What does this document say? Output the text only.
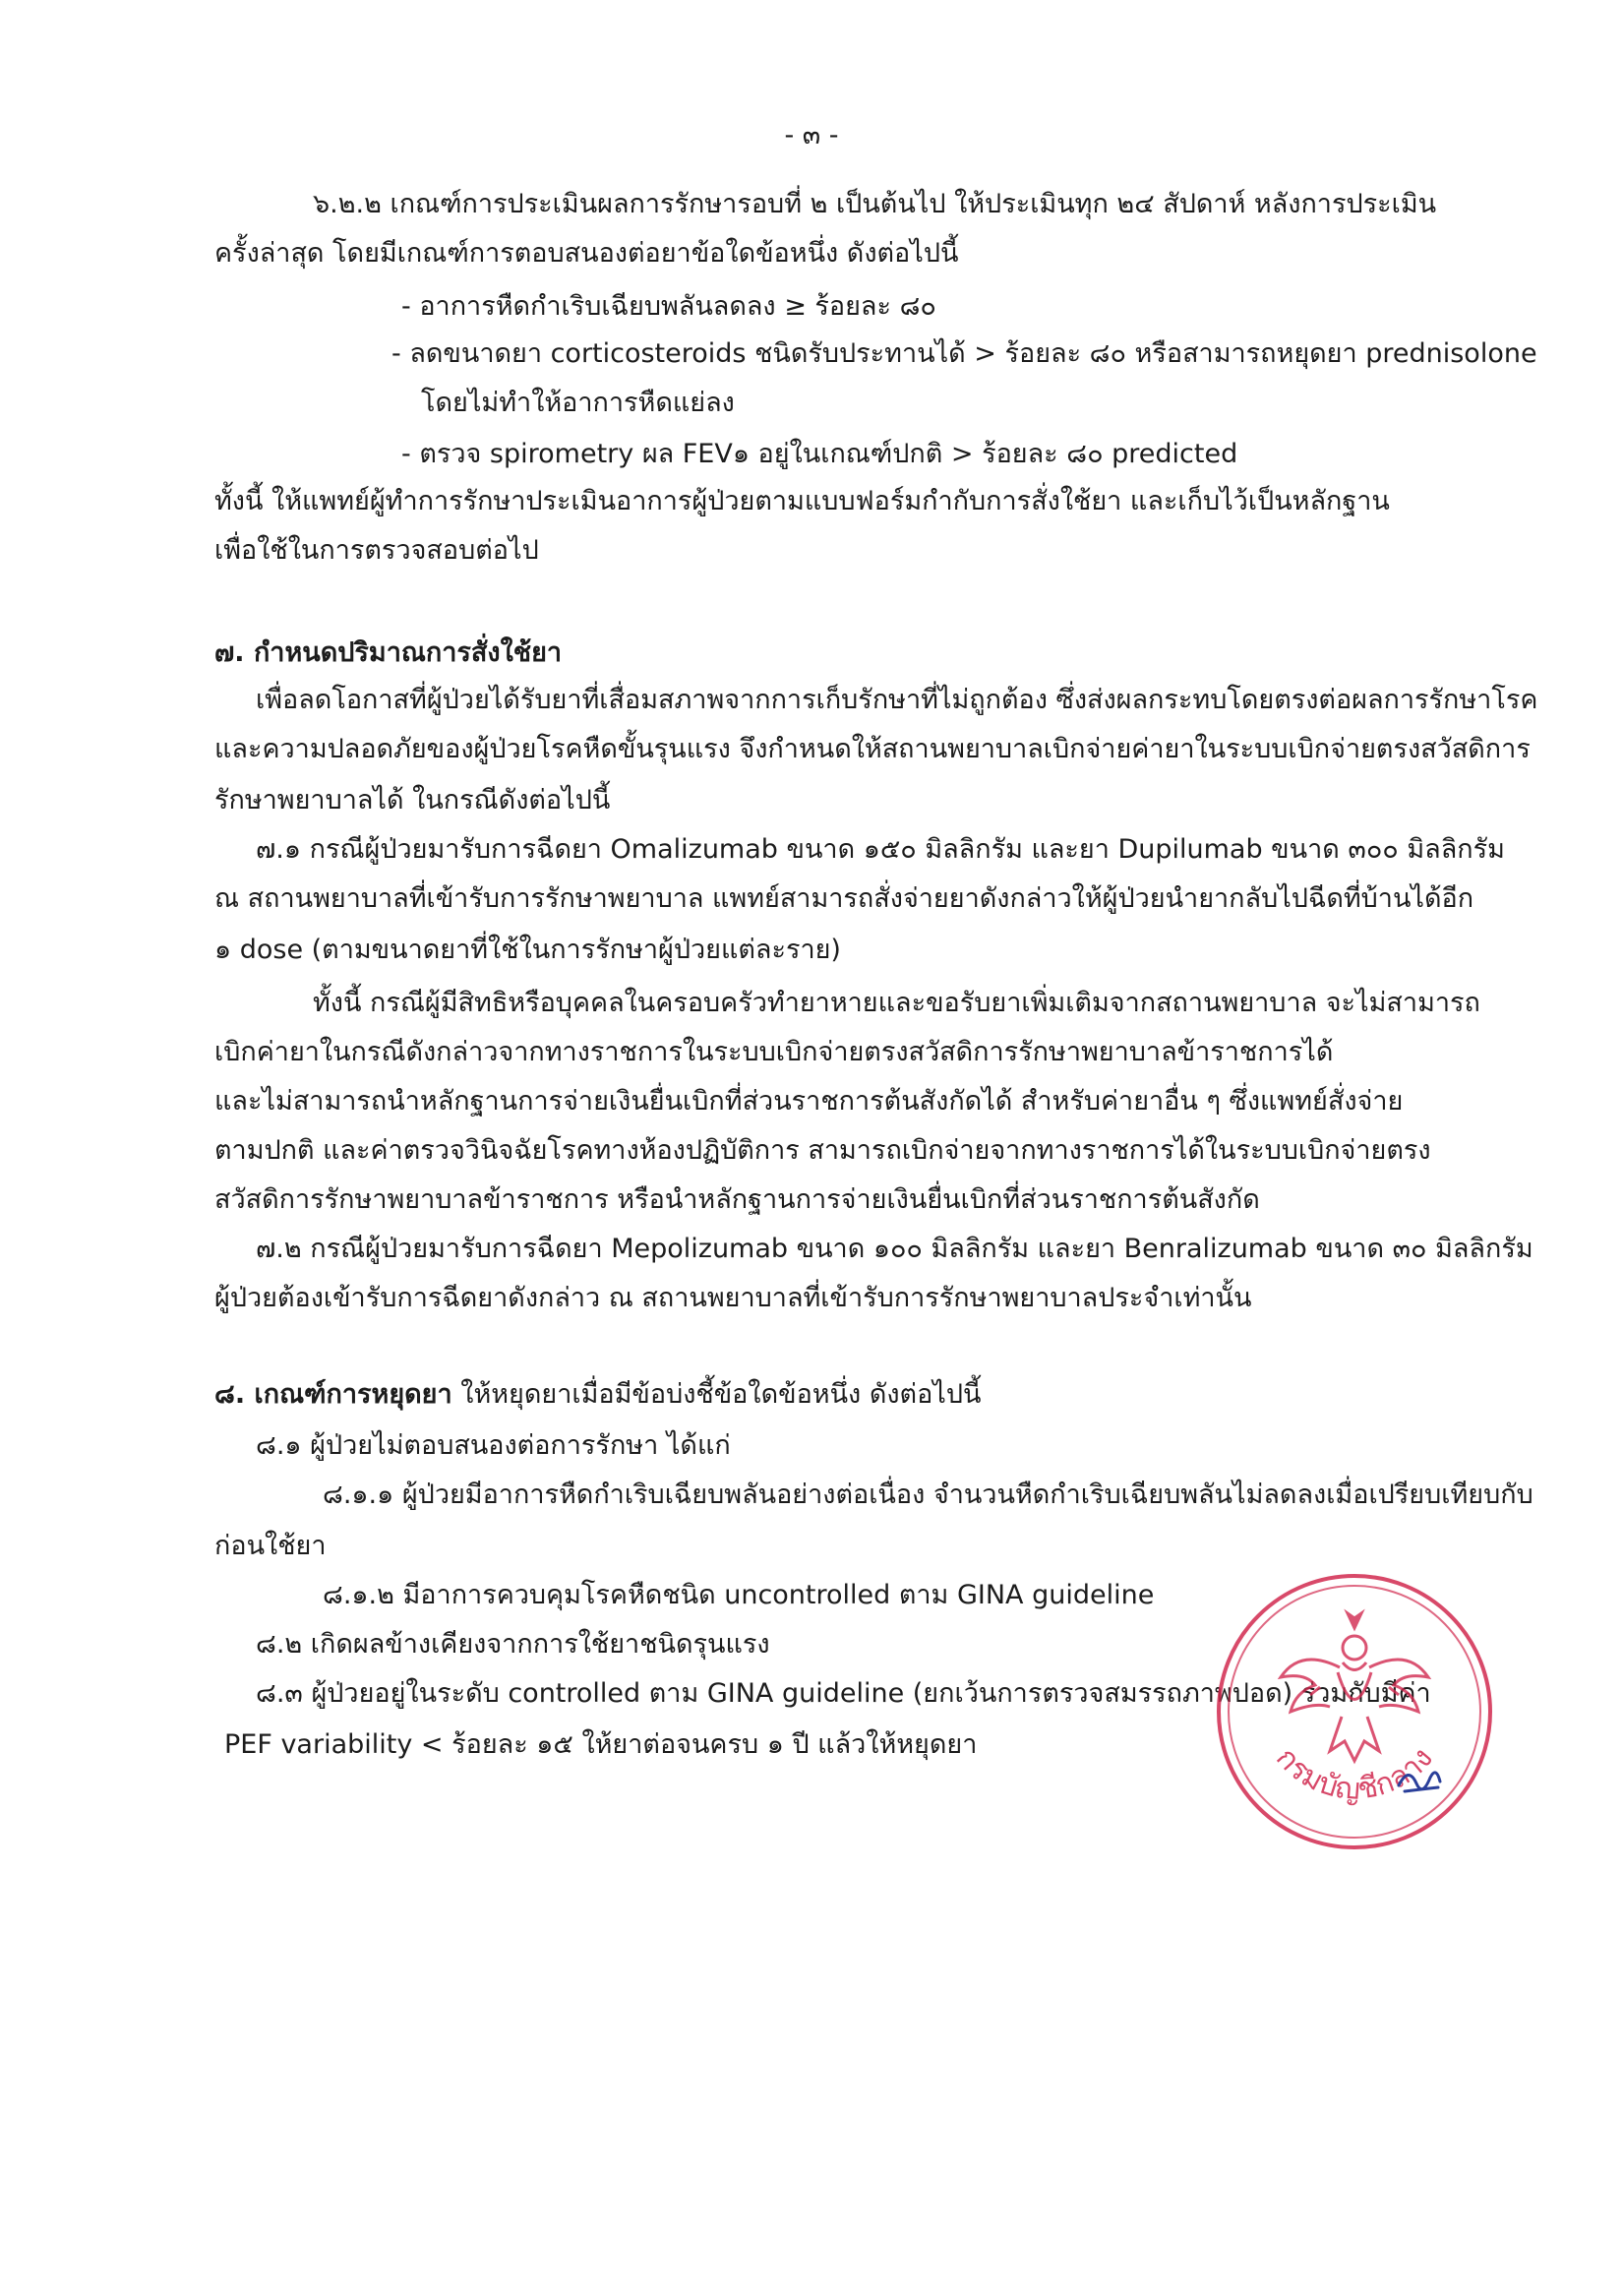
- ๓ -
๖.๒.๒ เกณฑ์การประเมินผลการรักษารอบที่ ๒ เป็นต้นไป ให้ประเมินทุก ๒๔ สัปดาห์ หลังการประเมิน
ครั้งล่าสุด โดยมีเกณฑ์การตอบสนองต่อยาข้อใดข้อหนึ่ง ดังต่อไปนี้
- อาการหืดกำเริบเฉียบพลันลดลง ≥ ร้อยละ ๘๐
- ลดขนาดยา corticosteroids ชนิดรับประทานได้ > ร้อยละ ๘๐ หรือสามารถหยุดยา prednisolone
โดยไม่ทำให้อาการหืดแย่ลง
- ตรวจ spirometry ผล FEV๑ อยู่ในเกณฑ์ปกติ > ร้อยละ ๘๐ predicted
ทั้งนี้ ให้แพทย์ผู้ทำการรักษาประเมินอาการผู้ป่วยตามแบบฟอร์มกำกับการสั่งใช้ยา และเก็บไว้เป็นหลักฐาน
เพื่อใช้ในการตรวจสอบต่อไป
๗. กำหนดปริมาณการสั่งใช้ยา
เพื่อลดโอกาสที่ผู้ป่วยได้รับยาที่เสื่อมสภาพจากการเก็บรักษาที่ไม่ถูกต้อง ซึ่งส่งผลกระทบโดยตรงต่อผลการรักษาโรค
และความปลอดภัยของผู้ป่วยโรคหืดขั้นรุนแรง จึงกำหนดให้สถานพยาบาลเบิกจ่ายค่ายาในระบบเบิกจ่ายตรงสวัสดิการ
รักษาพยาบาลได้ ในกรณีดังต่อไปนี้
๗.๑ กรณีผู้ป่วยมารับการฉีดยา Omalizumab ขนาด ๑๕๐ มิลลิกรัม และยา Dupilumab ขนาด ๓๐๐ มิลลิกรัม
ณ สถานพยาบาลที่เข้ารับการรักษาพยาบาล แพทย์สามารถสั่งจ่ายยาดังกล่าวให้ผู้ป่วยนำยากลับไปฉีดที่บ้านได้อีก
๑ dose (ตามขนาดยาที่ใช้ในการรักษาผู้ป่วยแต่ละราย)
ทั้งนี้ กรณีผู้มีสิทธิหรือบุคคลในครอบครัวทำยาหายและขอรับยาเพิ่มเติมจากสถานพยาบาล จะไม่สามารถ
เบิกค่ายาในกรณีดังกล่าวจากทางราชการในระบบเบิกจ่ายตรงสวัสดิการรักษาพยาบาลข้าราชการได้
และไม่สามารถนำหลักฐานการจ่ายเงินยื่นเบิกที่ส่วนราชการต้นสังกัดได้ สำหรับค่ายาอื่น ๆ ซึ่งแพทย์สั่งจ่าย
ตามปกติ และค่าตรวจวินิจฉัยโรคทางห้องปฏิบัติการ สามารถเบิกจ่ายจากทางราชการได้ในระบบเบิกจ่ายตรง
สวัสดิการรักษาพยาบาลข้าราชการ หรือนำหลักฐานการจ่ายเงินยื่นเบิกที่ส่วนราชการต้นสังกัด
๗.๒ กรณีผู้ป่วยมารับการฉีดยา Mepolizumab ขนาด ๑๐๐ มิลลิกรัม และยา Benralizumab ขนาด ๓๐ มิลลิกรัม
ผู้ป่วยต้องเข้ารับการฉีดยาดังกล่าว ณ สถานพยาบาลที่เข้ารับการรักษาพยาบาลประจำเท่านั้น
๘. เกณฑ์การหยุดยา ให้หยุดยาเมื่อมีข้อบ่งชี้ข้อใดข้อหนึ่ง ดังต่อไปนี้
๘.๑ ผู้ป่วยไม่ตอบสนองต่อการรักษา ได้แก่
๘.๑.๑ ผู้ป่วยมีอาการหืดกำเริบเฉียบพลันอย่างต่อเนื่อง จำนวนหืดกำเริบเฉียบพลันไม่ลดลงเมื่อเปรียบเทียบกับ
ก่อนใช้ยา
๘.๑.๒ มีอาการควบคุมโรคหืดชนิด uncontrolled ตาม GINA guideline
๘.๒ เกิดผลข้างเคียงจากการใช้ยาชนิดรุนแรง
๘.๓ ผู้ป่วยอยู่ในระดับ controlled ตาม GINA guideline (ยกเว้นการตรวจสมรรถภาพปอด) ร่วมกับมีค่า
PEF variability < ร้อยละ ๑๕ ให้ยาต่อจนครบ ๑ ปี แล้วให้หยุดยา	กรมบัญชีกลาง
